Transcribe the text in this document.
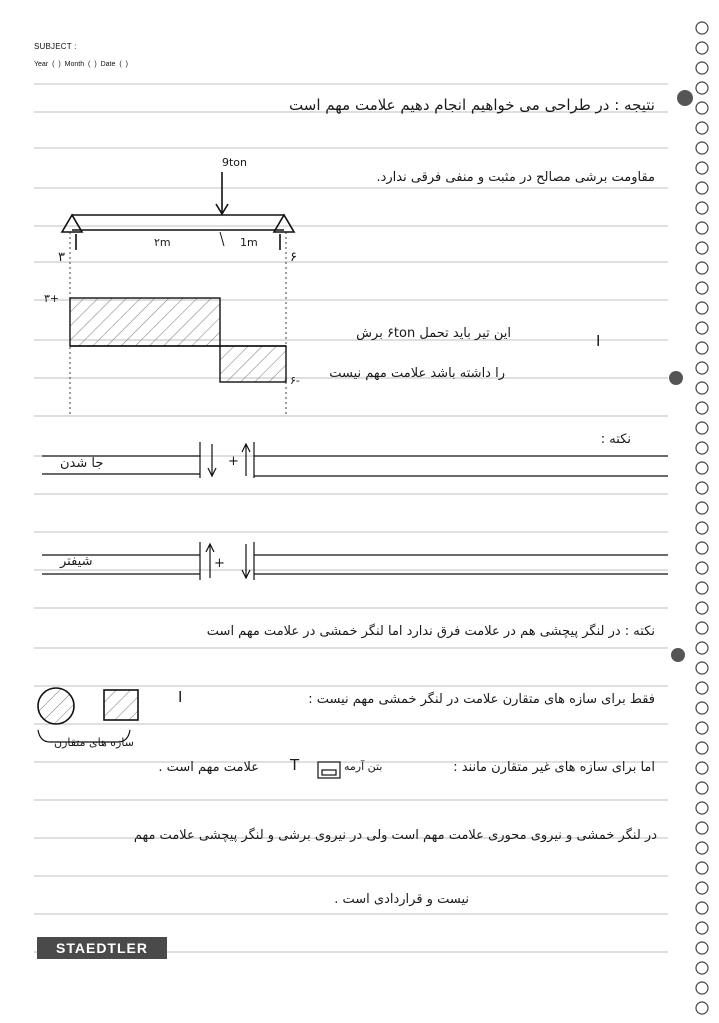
SUBJECT :
Year ( ) Month ( ) Date ( )
نتیجه : در طراحی می خواهیم انجام دهیم علامت مهم است
9ton
مقاومت برشی مصالح در مثبت و منفی فرقی ندارد.
۳	۶
۲m	1m
+۳
-۶
این تیر باید تحمل ۶ton برش
را داشته باشد علامت مهم نیست
I
نکته :
جا شدن	+
شیفتر	+
نکته : در لنگر پیچشی هم در علامت فرق ندارد اما لنگر خمشی در علامت مهم است
فقط برای سازه های متقارن علامت در لنگر خمشی مهم نیست :
I
سازه های متقارن
اما برای سازه های غیر متقارن مانند :
بتن آرمه
علامت مهم است . T
در لنگر خمشی و نیروی محوری علامت مهم است ولی در نیروی برشی و لنگر پیچشی علامت مهم
نیست و قراردادی است .
STAEDTLER
